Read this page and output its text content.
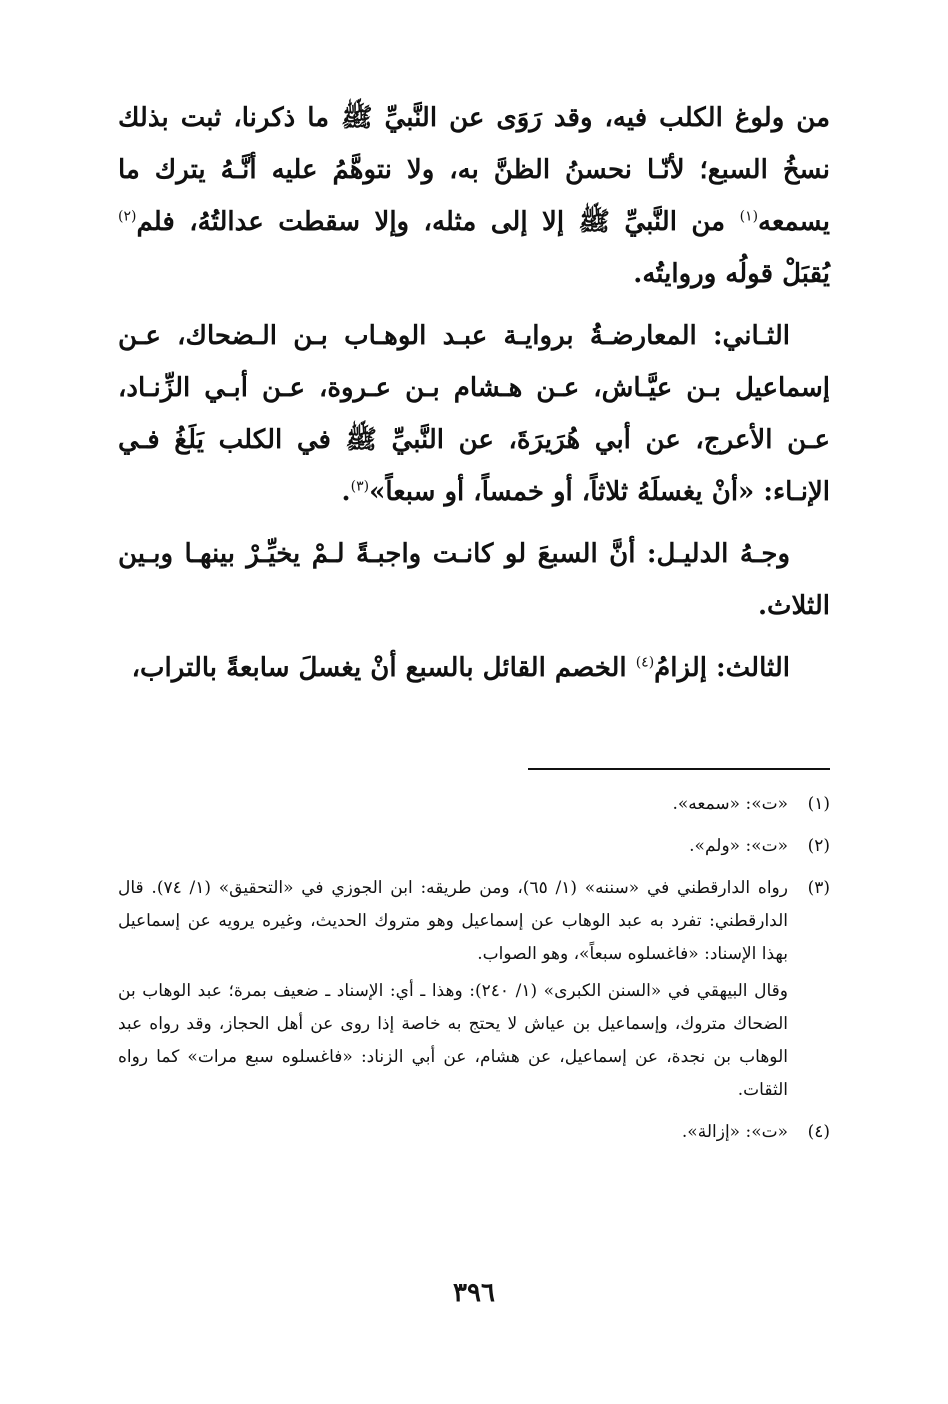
من ولوغ الكلب فيه، وقد رَوَى عن النَّبيِّ ﷺ ما ذكرنا، ثبت بذلك نسخُ السبع؛ لأنّـا نحسنُ الظنَّ به، ولا نتوهَّمُ عليه أنَّـهُ يترك ما يسمعه$^{(١)}$ من النَّبيِّ ﷺ إلا إلى مثله، وإلا سقطت عدالتُهُ، فلم$^{(٢)}$ يُقبَلْ قولُه وروايتُه.

الثـاني: المعارضـةُ بروايـة عبـد الوهـاب بـن الـضحاك، عـن إسماعيل بـن عيَّـاش، عـن هـشام بـن عـروة، عـن أبـي الزِّنـاد، عـن الأعرج، عن أبي هُرَيرَةَ، عن النَّبيِّ ﷺ في الكلب يَلَغُ فـي الإنـاء: «أنْ يغسلَهُ ثلاثاً، أو خمساً، أو سبعاً»$^{(٣)}$.

وجـهُ الدليـل: أنَّ السبعَ لو كانـت واجبـةً لـمْ يخيِّـرْ بينهـا وبـين الثلاث.

الثالث: إلزامُ$^{(٤)}$ الخصم القائل بالسبع أنْ يغسلَ سابعةً بالتراب،

(١)
«ت»: «سمعه».
(٢)
«ت»: «ولم».
(٣)
رواه الدارقطني في «سننه» (١/ ٦٥)، ومن طريقه: ابن الجوزي في «التحقيق» (١/ ٧٤). قال الدارقطني: تفرد به عبد الوهاب عن إسماعيل وهو متروك الحديث، وغيره يرويه عن إسماعيل بهذا الإسناد: «فاغسلوه سبعاً»، وهو الصواب.
وقال البيهقي في «السنن الكبرى» (١/ ٢٤٠): وهذا ـ أي: الإسناد ـ ضعيف بمرة؛ عبد الوهاب بن الضحاك متروك، وإسماعيل بن عياش لا يحتج به خاصة إذا روى عن أهل الحجاز، وقد رواه عبد الوهاب بن نجدة، عن إسماعيل، عن هشام، عن أبي الزناد: «فاغسلوه سبع مرات» كما رواه الثقات.
(٤)
«ت»: «إزالة».
٣٩٦
